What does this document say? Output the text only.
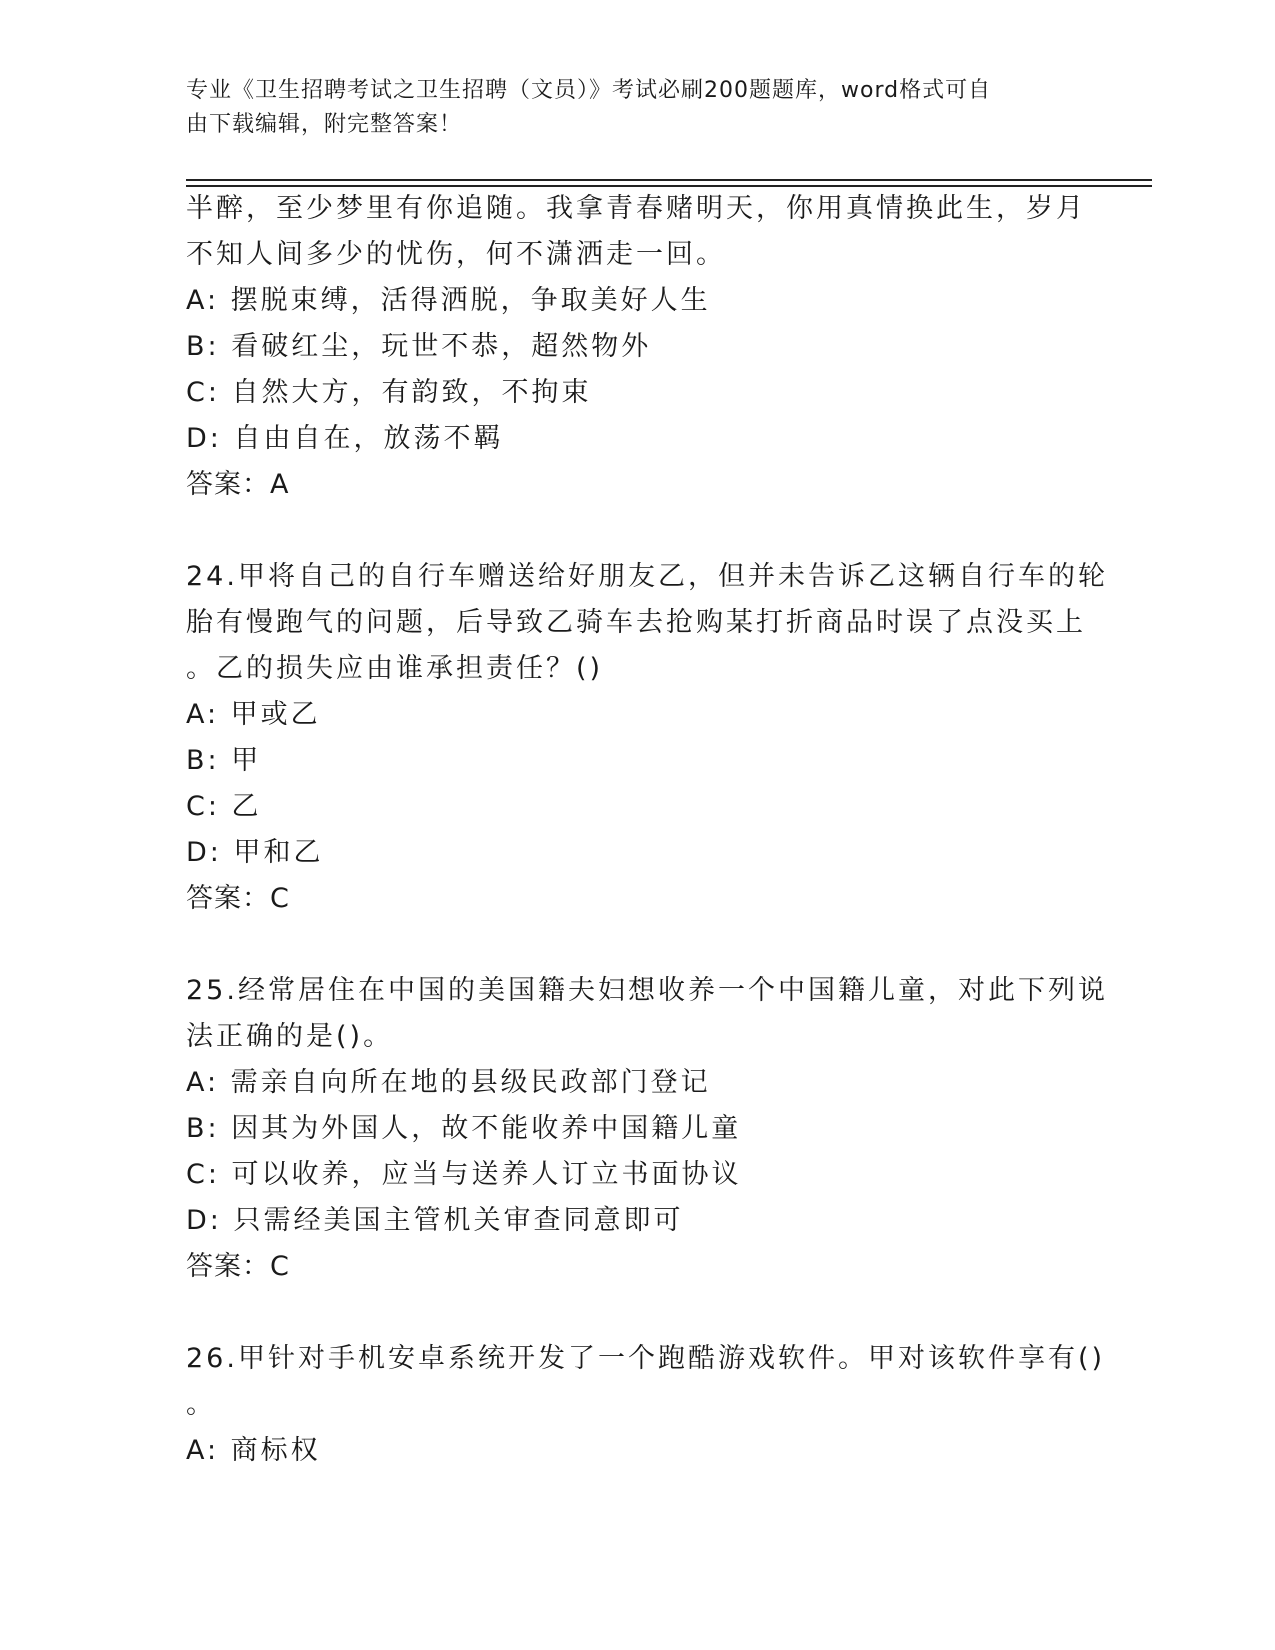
专业《卫生招聘考试之卫生招聘（文员）》考试必刷200题题库，word格式可自
由下载编辑，附完整答案！
半醉，至少梦里有你追随。我拿青春赌明天，你用真情换此生，岁月
不知人间多少的忧伤，何不潇洒走一回。
A: 摆脱束缚，活得洒脱，争取美好人生
B: 看破红尘，玩世不恭，超然物外
C: 自然大方，有韵致，不拘束
D: 自由自在，放荡不羁
答案：A
24.甲将自己的自行车赠送给好朋友乙，但并未告诉乙这辆自行车的轮
胎有慢跑气的问题，后导致乙骑车去抢购某打折商品时误了点没买上
。乙的损失应由谁承担责任？()
A: 甲或乙
B: 甲
C: 乙
D: 甲和乙
答案：C
25.经常居住在中国的美国籍夫妇想收养一个中国籍儿童，对此下列说
法正确的是()。
A: 需亲自向所在地的县级民政部门登记
B: 因其为外国人，故不能收养中国籍儿童
C: 可以收养，应当与送养人订立书面协议
D: 只需经美国主管机关审查同意即可
答案：C
26.甲针对手机安卓系统开发了一个跑酷游戏软件。甲对该软件享有()
。
A: 商标权
